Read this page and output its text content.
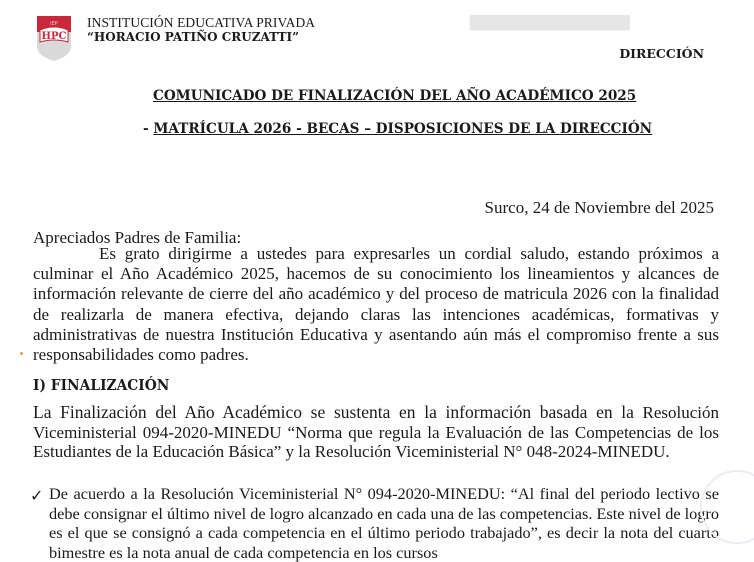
████████████████
IEP
HPC
INSTITUCIÓN EDUCATIVA PRIVADA
“HORACIO PATIÑO CRUZATTI”
DIRECCIÓN
COMUNICADO DE FINALIZACIÓN DEL AÑO ACADÉMICO 2025
- MATRÍCULA 2026 - BECAS – DISPOSICIONES DE LA DIRECCIÓN
Surco, 24 de Noviembre del 2025
Apreciados Padres de Familia:
Es grato dirigirme a ustedes para expresarles un cordial saludo, estando próximos a culminar el Año Académico 2025, hacemos de su conocimiento los lineamientos y alcances de información relevante de cierre del año académico y del proceso de matricula 2026 con la finalidad de realizarla de manera efectiva, dejando claras las intenciones académicas, formativas y administrativas de nuestra Institución Educativa y asentando aún más el compromiso frente a sus responsabilidades como padres.
I) FINALIZACIÓN
La Finalización del Año Académico se sustenta en la información basada en la Resolución Viceministerial 094-2020-MINEDU “Norma que regula la Evaluación de las Competencias de los Estudiantes de la Educación Básica” y la Resolución Viceministerial N° 048-2024-MINEDU.
✓ De acuerdo a la Resolución Viceministerial N° 094-2020-MINEDU: “Al final del periodo lectivo se debe consignar el último nivel de logro alcanzado en cada una de las competencias. Este nivel de logro es el que se consignó a cada competencia en el último periodo trabajado”, es decir la nota del cuarto bimestre es la nota anual de cada competencia en los cursos
